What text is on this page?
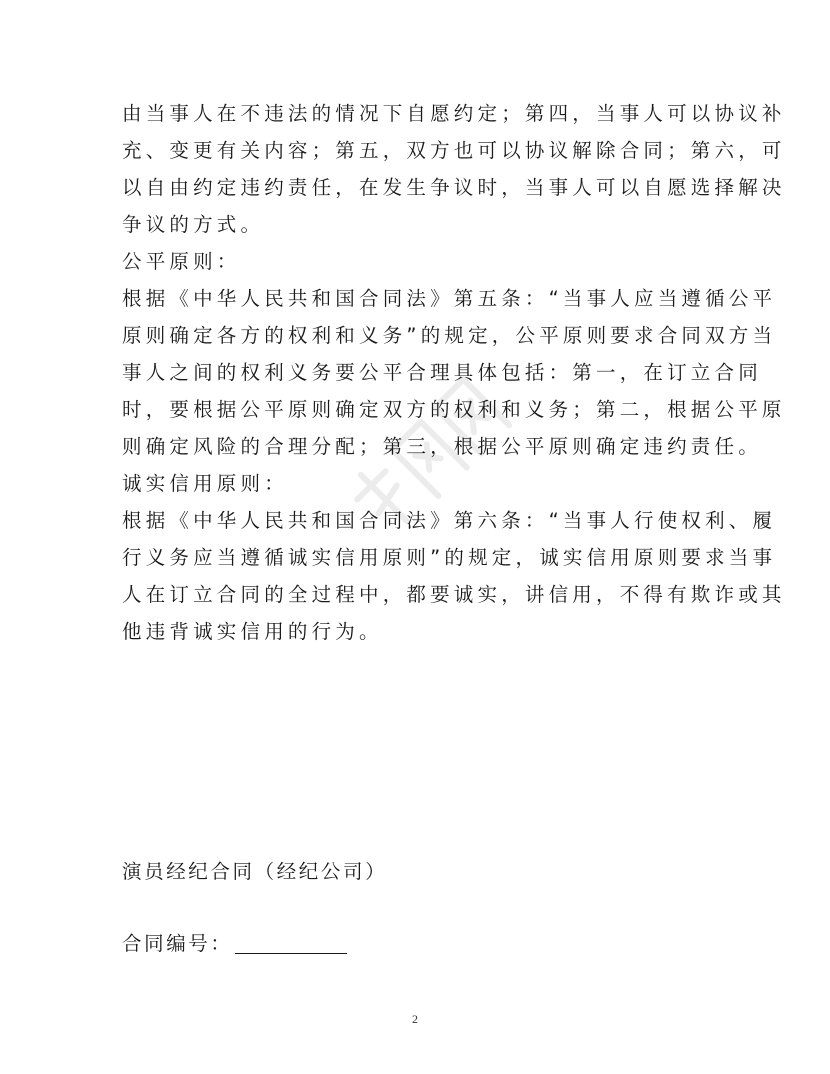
由当事人在不违法的情况下自愿约定；第四，当事人可以协议补

充、变更有关内容；第五，双方也可以协议解除合同；第六，可

以自由约定违约责任，在发生争议时，当事人可以自愿选择解决

争议的方式。

公平原则：

根据《中华人民共和国合同法》第五条：“当事人应当遵循公平

原则确定各方的权利和义务”的规定，公平原则要求合同双方当

事人之间的权利义务要公平合理具体包括：第一，在订立合同

时，要根据公平原则确定双方的权利和义务；第二，根据公平原

则确定风险的合理分配；第三，根据公平原则确定违约责任。

诚实信用原则：

根据《中华人民共和国合同法》第六条：“当事人行使权利、履

行义务应当遵循诚实信用原则”的规定，诚实信用原则要求当事

人在订立合同的全过程中，都要诚实，讲信用，不得有欺诈或其

他违背诚实信用的行为。

演员经纪合同（经纪公司）
合同编号：
2
